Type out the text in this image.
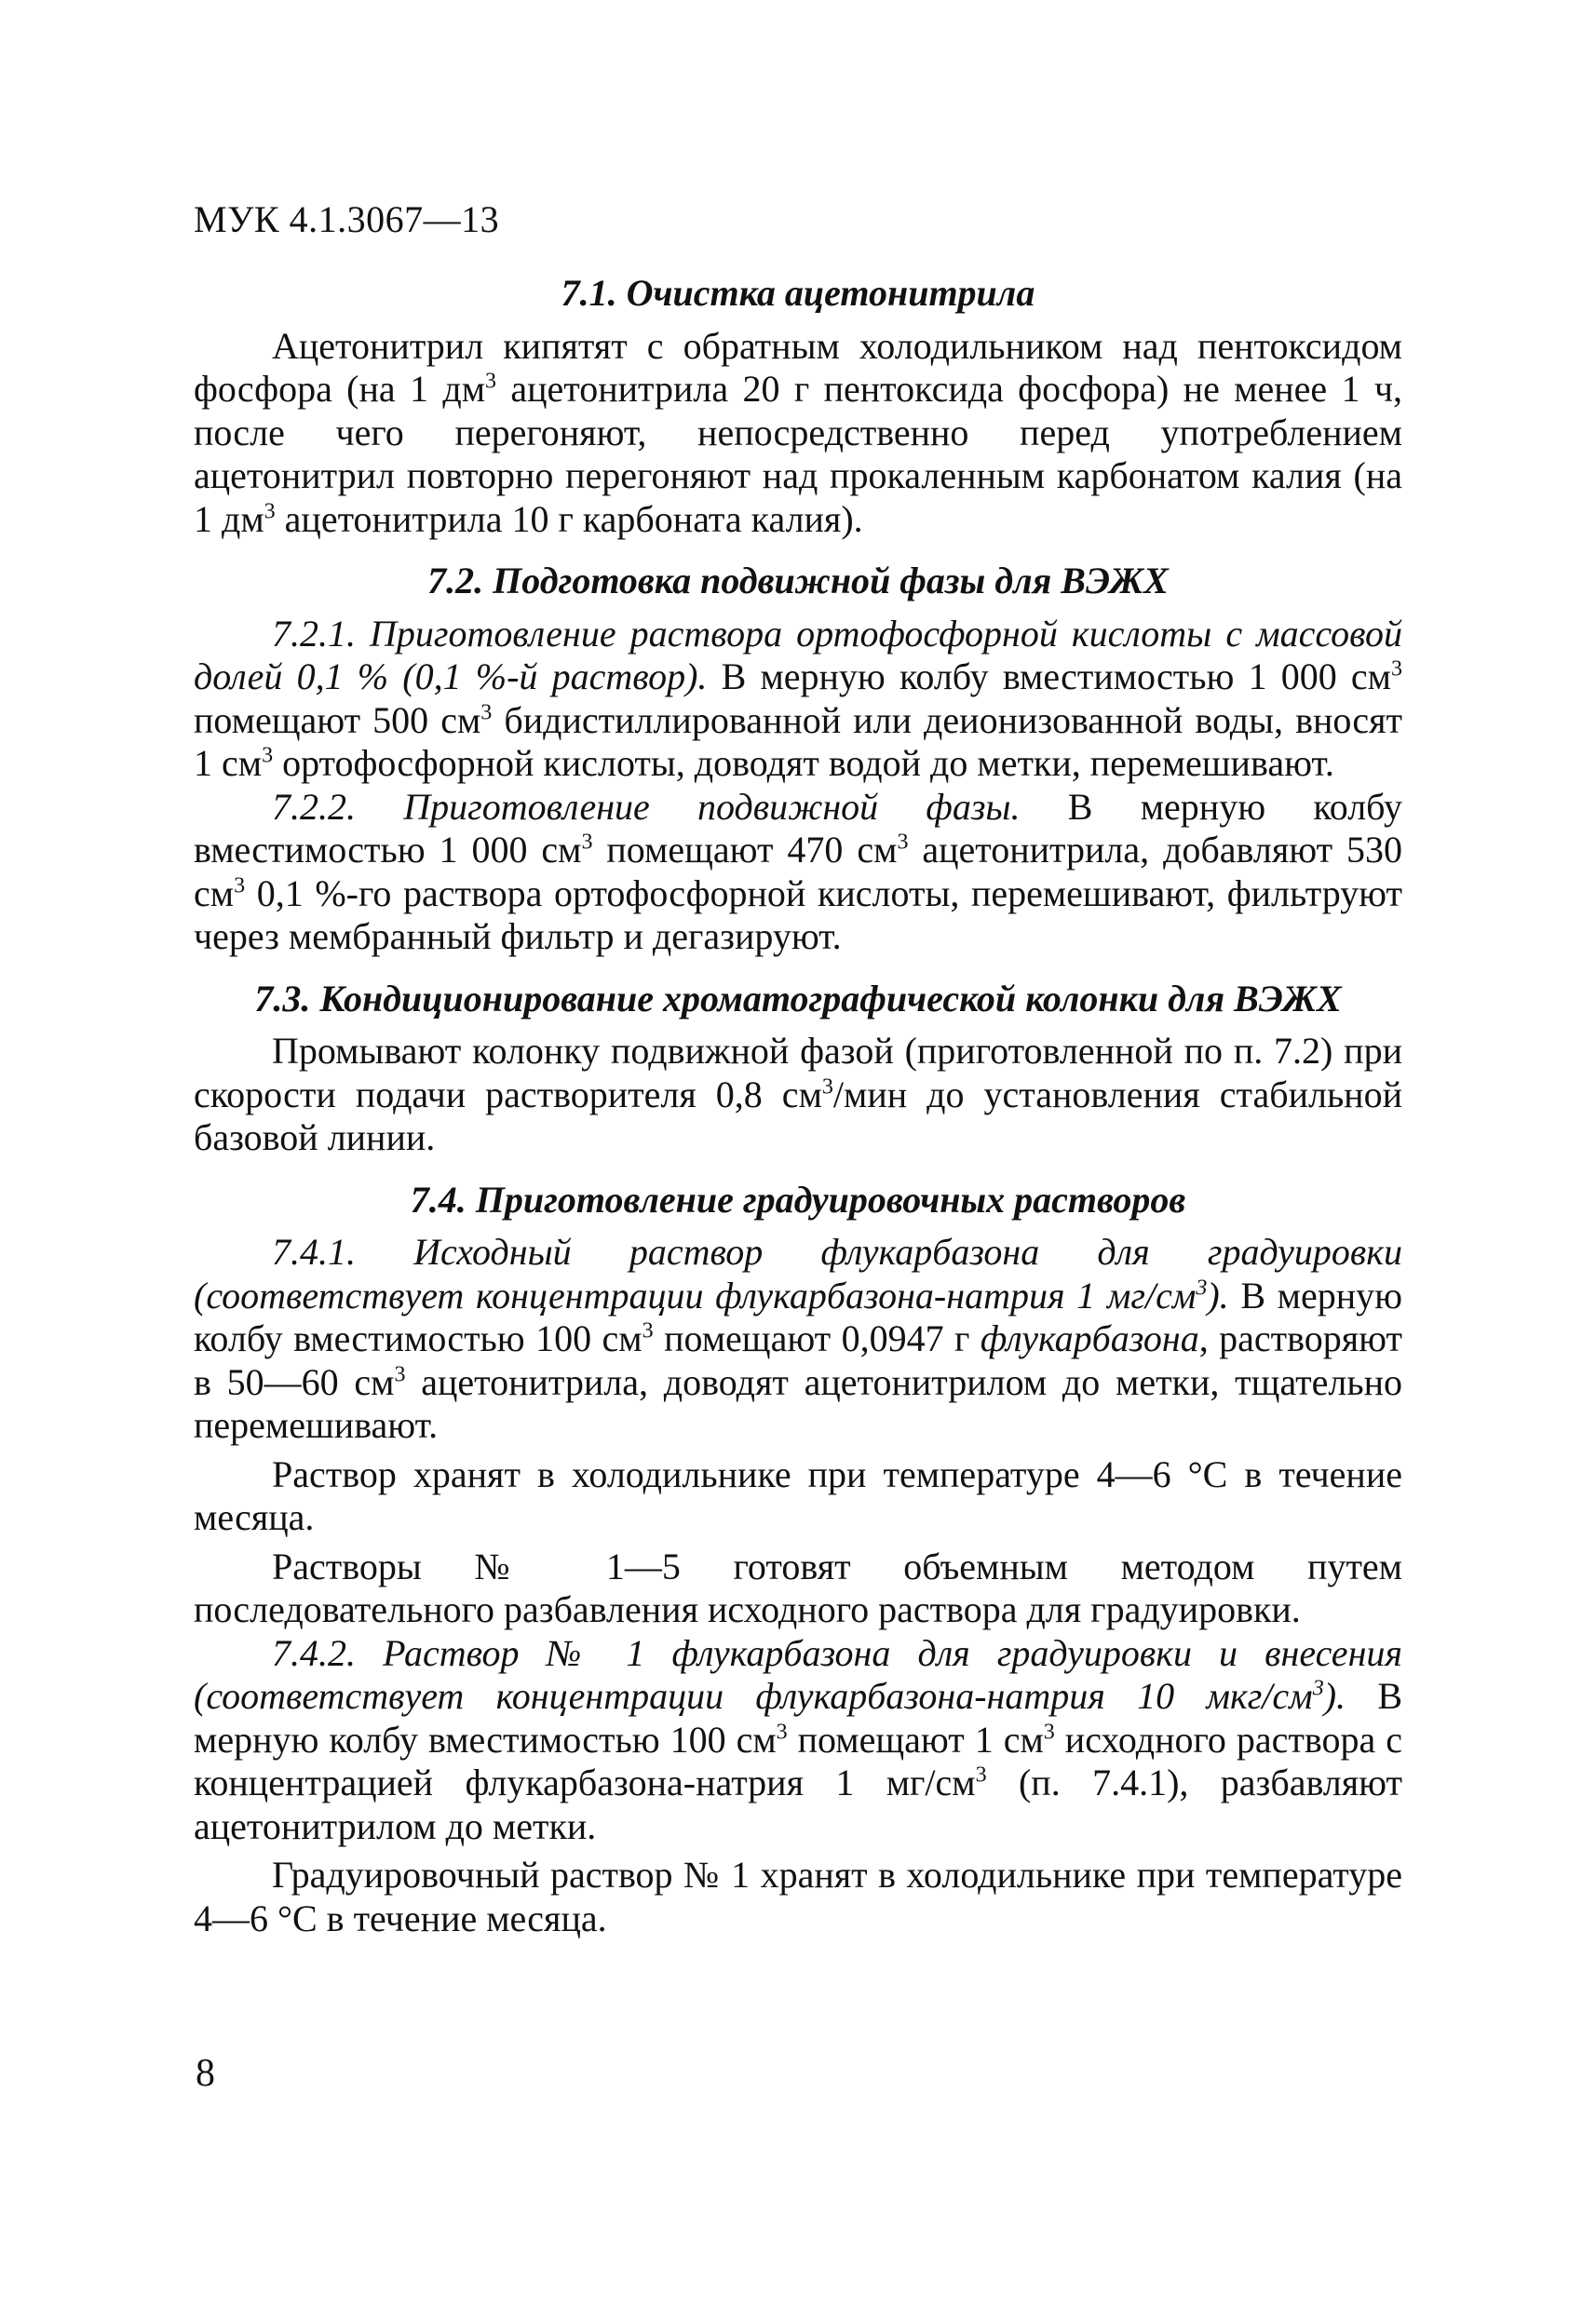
МУК 4.1.3067—13

7.1. Очистка ацетонитрила

Ацетонитрил кипятят с обратным холодильником над пентоксидом фосфора (на 1 $дм^3$ ацетонитрила 20 г пентоксида фосфора) не менее 1 ч, после чего перегоняют, непосредственно перед употреблением ацетонитрил повторно перегоняют над прокаленным карбонатом калия (на 1 $дм^3$ ацетонитрила 10 г карбоната калия).

7.2. Подготовка подвижной фазы для ВЭЖХ

7.2.1. Приготовление раствора ортофосфорной кислоты с массовой долей 0,1 % (0,1 %-й раствор). В мерную колбу вместимостью 1 000 $см^3$ помещают 500 $см^3$ бидистиллированной или деионизованной воды, вносят 1 $см^3$ ортофосфорной кислоты, доводят водой до метки, перемешивают.

7.2.2. Приготовление подвижной фазы. В мерную колбу вместимостью 1 000 $см^3$ помещают 470 $см^3$ ацетонитрила, добавляют 530 $см^3$ 0,1 %-го раствора ортофосфорной кислоты, перемешивают, фильтруют через мембранный фильтр и дегазируют.

7.3. Кондиционирование хроматографической колонки для ВЭЖХ

Промывают колонку подвижной фазой (приготовленной по п. 7.2) при скорости подачи растворителя 0,8 $см^3$/мин до установления стабильной базовой линии.

7.4. Приготовление градуировочных растворов

7.4.1. Исходный раствор флукарбазона для градуировки (соответствует концентрации флукарбазона-натрия 1 $мг/см^3$). В мерную колбу вместимостью 100 $см^3$ помещают 0,0947 г флукарбазона, растворяют в 50—60 $см^3$ ацетонитрила, доводят ацетонитрилом до метки, тщательно перемешивают.

Раствор хранят в холодильнике при температуре 4—6 °С в течение месяца.

Растворы № 1—5 готовят объемным методом путем последовательного разбавления исходного раствора для градуировки.

7.4.2. Раствор № 1 флукарбазона для градуировки и внесения (соответствует концентрации флукарбазона-натрия 10 мкг/$см^3$). В мерную колбу вместимостью 100 $см^3$ помещают 1 $см^3$ исходного раствора с концентрацией флукарбазона-натрия 1 $мг/см^3$ (п. 7.4.1), разбавляют ацетонитрилом до метки.

Градуировочный раствор № 1 хранят в холодильнике при температуре 4—6 °С в течение месяца.

8
